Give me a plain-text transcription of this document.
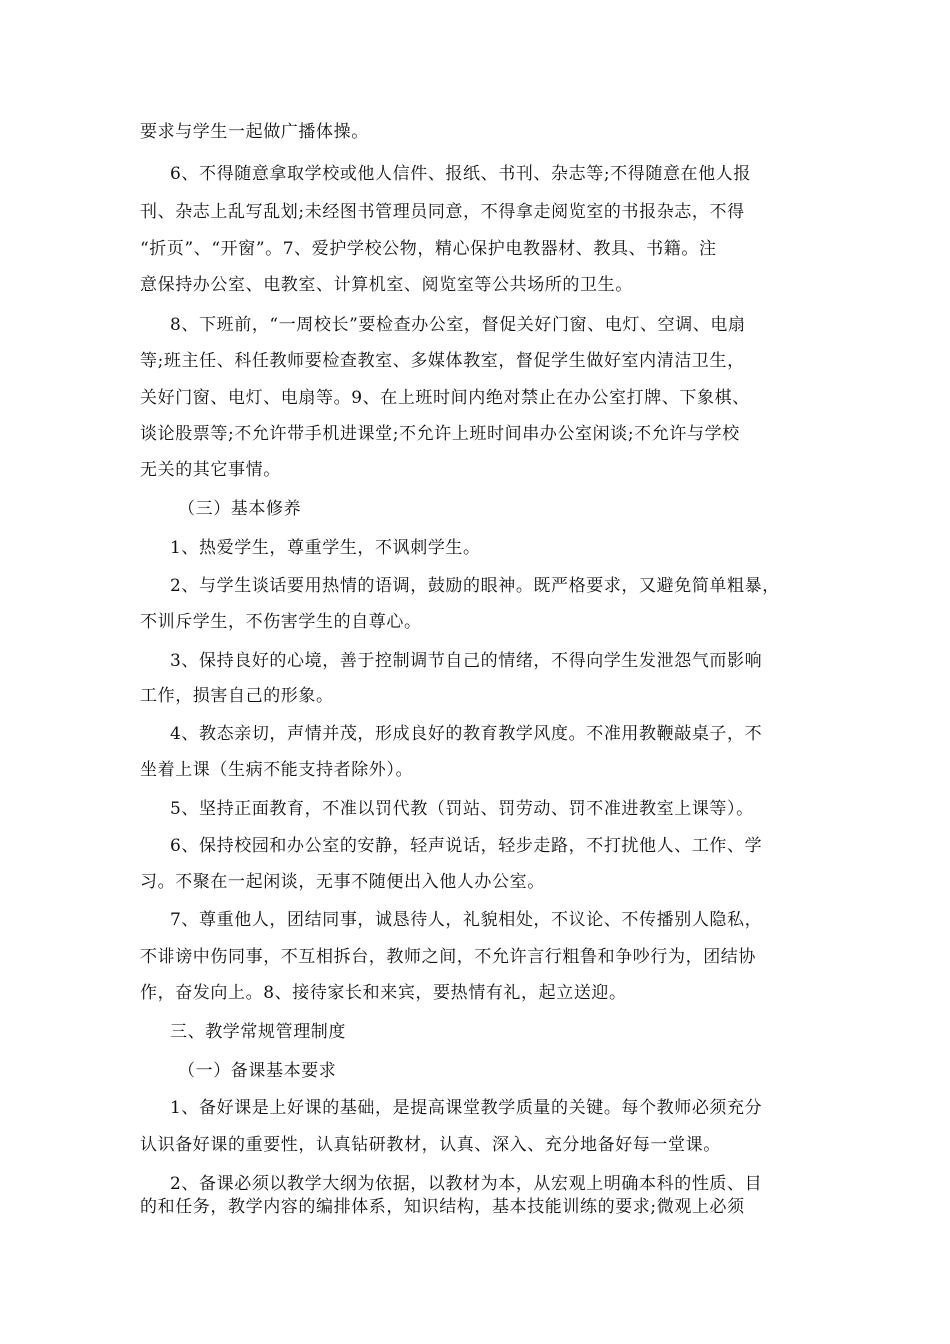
要求与学生一起做广播体操。
6、不得随意拿取学校或他人信件、报纸、书刊、杂志等;不得随意在他人报
刊、杂志上乱写乱划;未经图书管理员同意，不得拿走阅览室的书报杂志，不得
“折页”、“开窗”。7、爱护学校公物，精心保护电教器材、教具、书籍。注
意保持办公室、电教室、计算机室、阅览室等公共场所的卫生。
8、下班前，“一周校长”要检查办公室，督促关好门窗、电灯、空调、电扇
等;班主任、科任教师要检查教室、多媒体教室，督促学生做好室内清洁卫生，
关好门窗、电灯、电扇等。9、在上班时间内绝对禁止在办公室打牌、下象棋、
谈论股票等;不允许带手机进课堂;不允许上班时间串办公室闲谈;不允许与学校
无关的其它事情。
（三）基本修养
1、热爱学生，尊重学生，不讽刺学生。
2、与学生谈话要用热情的语调，鼓励的眼神。既严格要求，又避免简单粗暴，
不训斥学生，不伤害学生的自尊心。
3、保持良好的心境，善于控制调节自己的情绪，不得向学生发泄怨气而影响
工作，损害自己的形象。
4、教态亲切，声情并茂，形成良好的教育教学风度。不准用教鞭敲桌子，不
坐着上课（生病不能支持者除外）。
5、坚持正面教育，不准以罚代教（罚站、罚劳动、罚不准进教室上课等）。
6、保持校园和办公室的安静，轻声说话，轻步走路，不打扰他人、工作、学
习。不聚在一起闲谈，无事不随便出入他人办公室。
7、尊重他人，团结同事，诚恳待人，礼貌相处，不议论、不传播别人隐私，
不诽谤中伤同事，不互相拆台，教师之间，不允许言行粗鲁和争吵行为，团结协
作，奋发向上。8、接待家长和来宾，要热情有礼，起立送迎。
三、教学常规管理制度
（一）备课基本要求
1、备好课是上好课的基础，是提高课堂教学质量的关键。每个教师必须充分
认识备好课的重要性，认真钻研教材，认真、深入、充分地备好每一堂课。
2、备课必须以教学大纲为依据，以教材为本，从宏观上明确本科的性质、目
的和任务，教学内容的编排体系，知识结构，基本技能训练的要求;微观上必须
